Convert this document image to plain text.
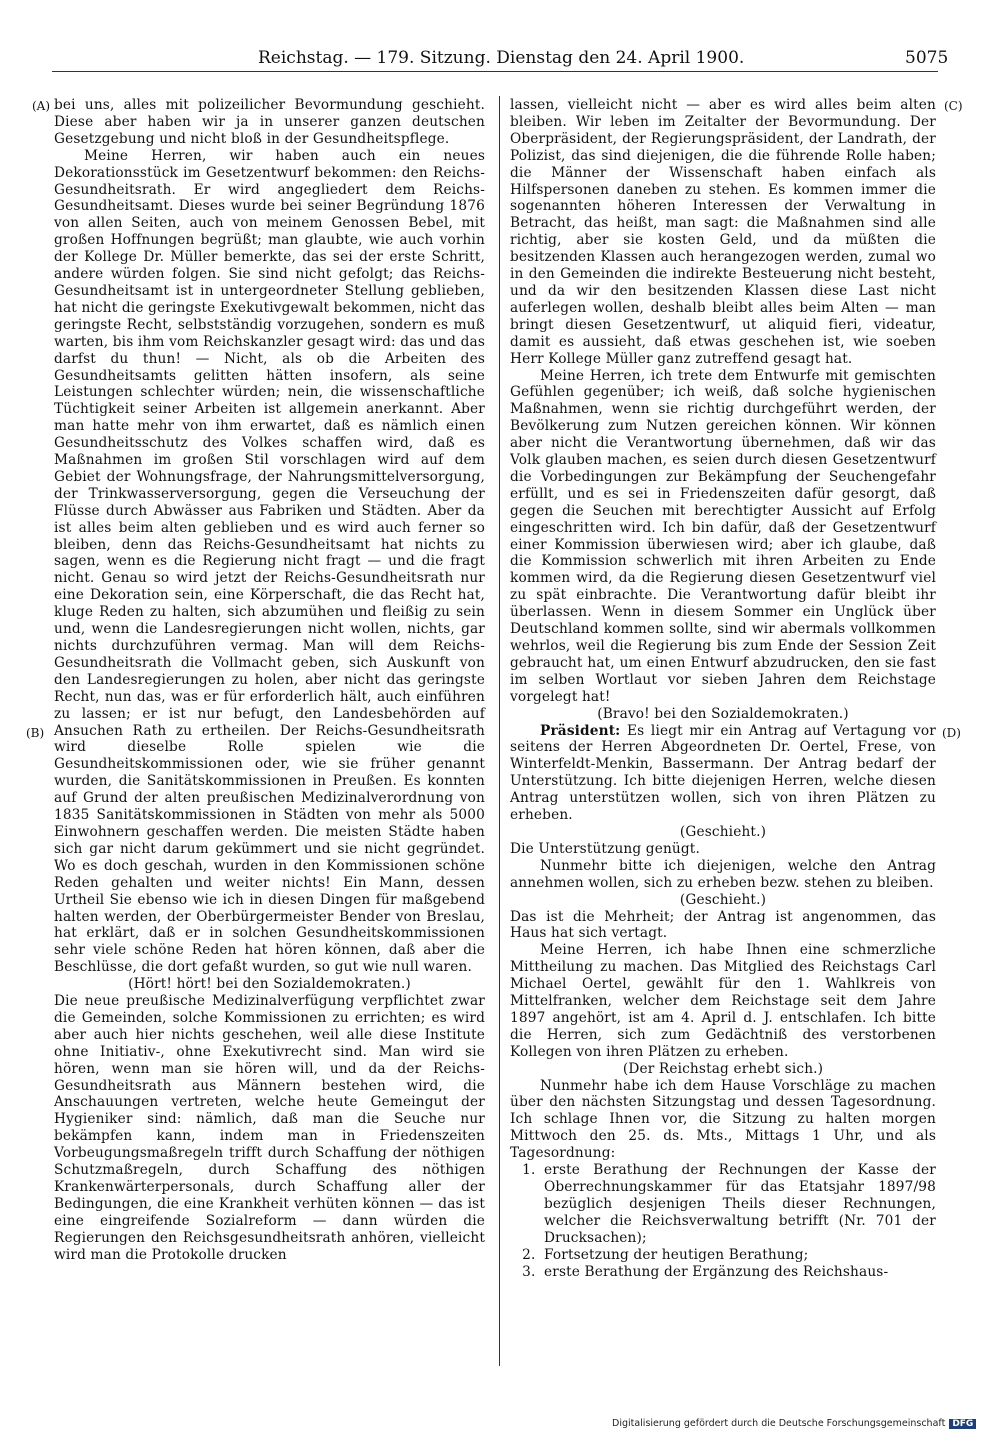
Reichstag. — 179. Sitzung. Dienstag den 24. April 1900.	5075
(A)
(B)
(C)
(D)

bei uns, alles mit polizeilicher Bevormundung geschieht. Diese aber haben wir ja in unserer ganzen deutschen Gesetzgebung und nicht bloß in der Gesundheitspflege.

Meine Herren, wir haben auch ein neues Dekorationsstück im Gesetzentwurf bekommen: den Reichs-Gesundheitsrath. Er wird angegliedert dem Reichs-Gesundheitsamt. Dieses wurde bei seiner Begründung 1876 von allen Seiten, auch von meinem Genossen Bebel, mit großen Hoffnungen begrüßt; man glaubte, wie auch vorhin der Kollege Dr. Müller bemerkte, das sei der erste Schritt, andere würden folgen. Sie sind nicht gefolgt; das Reichs-Gesundheitsamt ist in untergeordneter Stellung geblieben, hat nicht die geringste Exekutivgewalt bekommen, nicht das geringste Recht, selbstständig vorzugehen, sondern es muß warten, bis ihm vom Reichskanzler gesagt wird: das und das darfst du thun! — Nicht, als ob die Arbeiten des Gesundheitsamts gelitten hätten insofern, als seine Leistungen schlechter würden; nein, die wissenschaftliche Tüchtigkeit seiner Arbeiten ist allgemein anerkannt. Aber man hatte mehr von ihm erwartet, daß es nämlich einen Gesundheitsschutz des Volkes schaffen wird, daß es Maßnahmen im großen Stil vorschlagen wird auf dem Gebiet der Wohnungsfrage, der Nahrungsmittelversorgung, der Trinkwasserversorgung, gegen die Verseuchung der Flüsse durch Abwässer aus Fabriken und Städten. Aber da ist alles beim alten geblieben und es wird auch ferner so bleiben, denn das Reichs-Gesundheitsamt hat nichts zu sagen, wenn es die Regierung nicht fragt — und die fragt nicht. Genau so wird jetzt der Reichs-Gesundheitsrath nur eine Dekoration sein, eine Körperschaft, die das Recht hat, kluge Reden zu halten, sich abzumühen und fleißig zu sein und, wenn die Landesregierungen nicht wollen, nichts, gar nichts durchzuführen vermag. Man will dem Reichs-Gesundheitsrath die Vollmacht geben, sich Auskunft von den Landesregierungen zu holen, aber nicht das geringste Recht, nun das, was er für erforderlich hält, auch einführen zu lassen; er ist nur befugt, den Landesbehörden auf Ansuchen Rath zu ertheilen. Der Reichs-Gesundheitsrath wird dieselbe Rolle spielen wie die Gesundheitskommissionen oder, wie sie früher genannt wurden, die Sanitätskommissionen in Preußen. Es konnten auf Grund der alten preußischen Medizinalverordnung von 1835 Sanitätskommissionen in Städten von mehr als 5000 Einwohnern geschaffen werden. Die meisten Städte haben sich gar nicht darum gekümmert und sie nicht gegründet. Wo es doch geschah, wurden in den Kommissionen schöne Reden gehalten und weiter nichts! Ein Mann, dessen Urtheil Sie ebenso wie ich in diesen Dingen für maßgebend halten werden, der Oberbürgermeister Bender von Breslau, hat erklärt, daß er in solchen Gesundheitskommissionen sehr viele schöne Reden hat hören können, daß aber die Beschlüsse, die dort gefaßt wurden, so gut wie null waren.

(Hört! hört! bei den Sozialdemokraten.)

Die neue preußische Medizinalverfügung verpflichtet zwar die Gemeinden, solche Kommissionen zu errichten; es wird aber auch hier nichts geschehen, weil alle diese Institute ohne Initiativ-, ohne Exekutivrecht sind. Man wird sie hören, wenn man sie hören will, und da der Reichs-Gesundheitsrath aus Männern bestehen wird, die Anschauungen vertreten, welche heute Gemeingut der Hygieniker sind: nämlich, daß man die Seuche nur bekämpfen kann, indem man in Friedenszeiten Vorbeugungsmaßregeln trifft durch Schaffung der nöthigen Schutzmaßregeln, durch Schaffung des nöthigen Krankenwärterpersonals, durch Schaffung aller der Bedingungen, die eine Krankheit verhüten können — das ist eine eingreifende Sozialreform — dann würden die Regierungen den Reichsgesundheitsrath anhören, vielleicht wird man die Protokolle drucken

lassen, vielleicht nicht — aber es wird alles beim alten bleiben. Wir leben im Zeitalter der Bevormundung. Der Oberpräsident, der Regierungspräsident, der Landrath, der Polizist, das sind diejenigen, die die führende Rolle haben; die Männer der Wissenschaft haben einfach als Hilfspersonen daneben zu stehen. Es kommen immer die sogenannten höheren Interessen der Verwaltung in Betracht, das heißt, man sagt: die Maßnahmen sind alle richtig, aber sie kosten Geld, und da müßten die besitzenden Klassen auch herangezogen werden, zumal wo in den Gemeinden die indirekte Besteuerung nicht besteht, und da wir den besitzenden Klassen diese Last nicht auferlegen wollen, deshalb bleibt alles beim Alten — man bringt diesen Gesetzentwurf, ut aliquid fieri, videatur, damit es aussieht, daß etwas geschehen ist, wie soeben Herr Kollege Müller ganz zutreffend gesagt hat.

Meine Herren, ich trete dem Entwurfe mit gemischten Gefühlen gegenüber; ich weiß, daß solche hygienischen Maßnahmen, wenn sie richtig durchgeführt werden, der Bevölkerung zum Nutzen gereichen können. Wir können aber nicht die Verantwortung übernehmen, daß wir das Volk glauben machen, es seien durch diesen Gesetzentwurf die Vorbedingungen zur Bekämpfung der Seuchengefahr erfüllt, und es sei in Friedenszeiten dafür gesorgt, daß gegen die Seuchen mit berechtigter Aussicht auf Erfolg eingeschritten wird. Ich bin dafür, daß der Gesetzentwurf einer Kommission überwiesen wird; aber ich glaube, daß die Kommission schwerlich mit ihren Arbeiten zu Ende kommen wird, da die Regierung diesen Gesetzentwurf viel zu spät einbrachte. Die Verantwortung dafür bleibt ihr überlassen. Wenn in diesem Sommer ein Unglück über Deutschland kommen sollte, sind wir abermals vollkommen wehrlos, weil die Regierung bis zum Ende der Session Zeit gebraucht hat, um einen Entwurf abzudrucken, den sie fast im selben Wortlaut vor sieben Jahren dem Reichstage vorgelegt hat!

(Bravo! bei den Sozialdemokraten.)

Präsident: Es liegt mir ein Antrag auf Vertagung vor seitens der Herren Abgeordneten Dr. Oertel, Frese, von Winterfeldt-Menkin, Bassermann. Der Antrag bedarf der Unterstützung. Ich bitte diejenigen Herren, welche diesen Antrag unterstützen wollen, sich von ihren Plätzen zu erheben.

(Geschieht.)

Die Unterstützung genügt.

Nunmehr bitte ich diejenigen, welche den Antrag annehmen wollen, sich zu erheben bezw. stehen zu bleiben.

(Geschieht.)

Das ist die Mehrheit; der Antrag ist angenommen, das Haus hat sich vertagt.

Meine Herren, ich habe Ihnen eine schmerzliche Mittheilung zu machen. Das Mitglied des Reichstags Carl Michael Oertel, gewählt für den 1. Wahlkreis von Mittelfranken, welcher dem Reichstage seit dem Jahre 1897 angehört, ist am 4. April d. J. entschlafen. Ich bitte die Herren, sich zum Gedächtniß des verstorbenen Kollegen von ihren Plätzen zu erheben.

(Der Reichstag erhebt sich.)

Nunmehr habe ich dem Hause Vorschläge zu machen über den nächsten Sitzungstag und dessen Tagesordnung. Ich schlage Ihnen vor, die Sitzung zu halten morgen Mittwoch den 25. ds. Mts., Mittags 1 Uhr, und als Tagesordnung:

1. erste Berathung der Rechnungen der Kasse der Oberrechnungskammer für das Etatsjahr 1897/98 bezüglich desjenigen Theils dieser Rechnungen, welcher die Reichsverwaltung betrifft (Nr. 701 der Drucksachen);
2. Fortsetzung der heutigen Berathung;
3. erste Berathung der Ergänzung des Reichshaus-
Digitalisierung gefördert durch die Deutsche Forschungsgemeinschaft DFG
